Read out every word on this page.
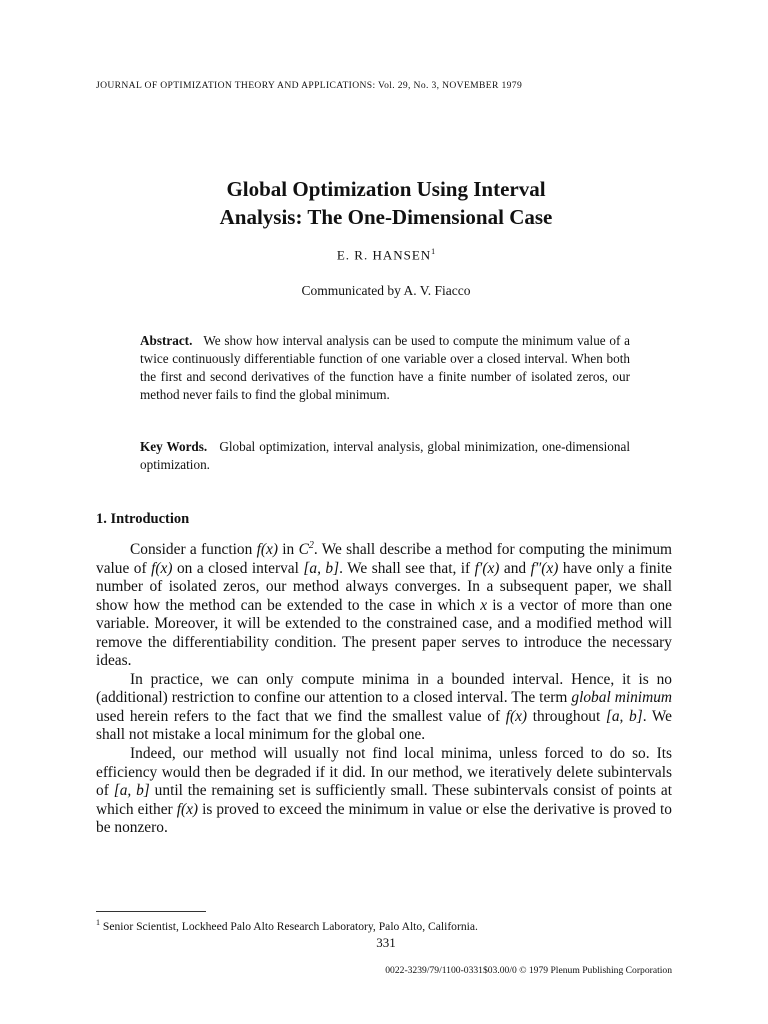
JOURNAL OF OPTIMIZATION THEORY AND APPLICATIONS: Vol. 29, No. 3, NOVEMBER 1979
Global Optimization Using Interval
Analysis: The One-Dimensional Case
E. R. HANSEN$^1$
Communicated by A. V. Fiacco

Abstract. We show how interval analysis can be used to compute the minimum value of a twice continuously differentiable function of one variable over a closed interval. When both the first and second derivatives of the function have a finite number of isolated zeros, our method never fails to find the global minimum.

Key Words. Global optimization, interval analysis, global minimization, one-dimensional optimization.

1. Introduction

Consider a function f(x) in $C^2$. We shall describe a method for computing the minimum value of f(x) on a closed interval [a, b]. We shall see that, if f′(x) and f″(x) have only a finite number of isolated zeros, our method always converges. In a subsequent paper, we shall show how the method can be extended to the case in which x is a vector of more than one variable. Moreover, it will be extended to the constrained case, and a modified method will remove the differentiability condition. The present paper serves to introduce the necessary ideas.

In practice, we can only compute minima in a bounded interval. Hence, it is no (additional) restriction to confine our attention to a closed interval. The term global minimum used herein refers to the fact that we find the smallest value of f(x) throughout [a, b]. We shall not mistake a local minimum for the global one.

Indeed, our method will usually not find local minima, unless forced to do so. Its efficiency would then be degraded if it did. In our method, we iteratively delete subintervals of [a, b] until the remaining set is sufficiently small. These subintervals consist of points at which either f(x) is proved to exceed the minimum in value or else the derivative is proved to be nonzero.

$^1$ Senior Scientist, Lockheed Palo Alto Research Laboratory, Palo Alto, California.
331
0022-3239/79/1100-0331$03.00/0 © 1979 Plenum Publishing Corporation
